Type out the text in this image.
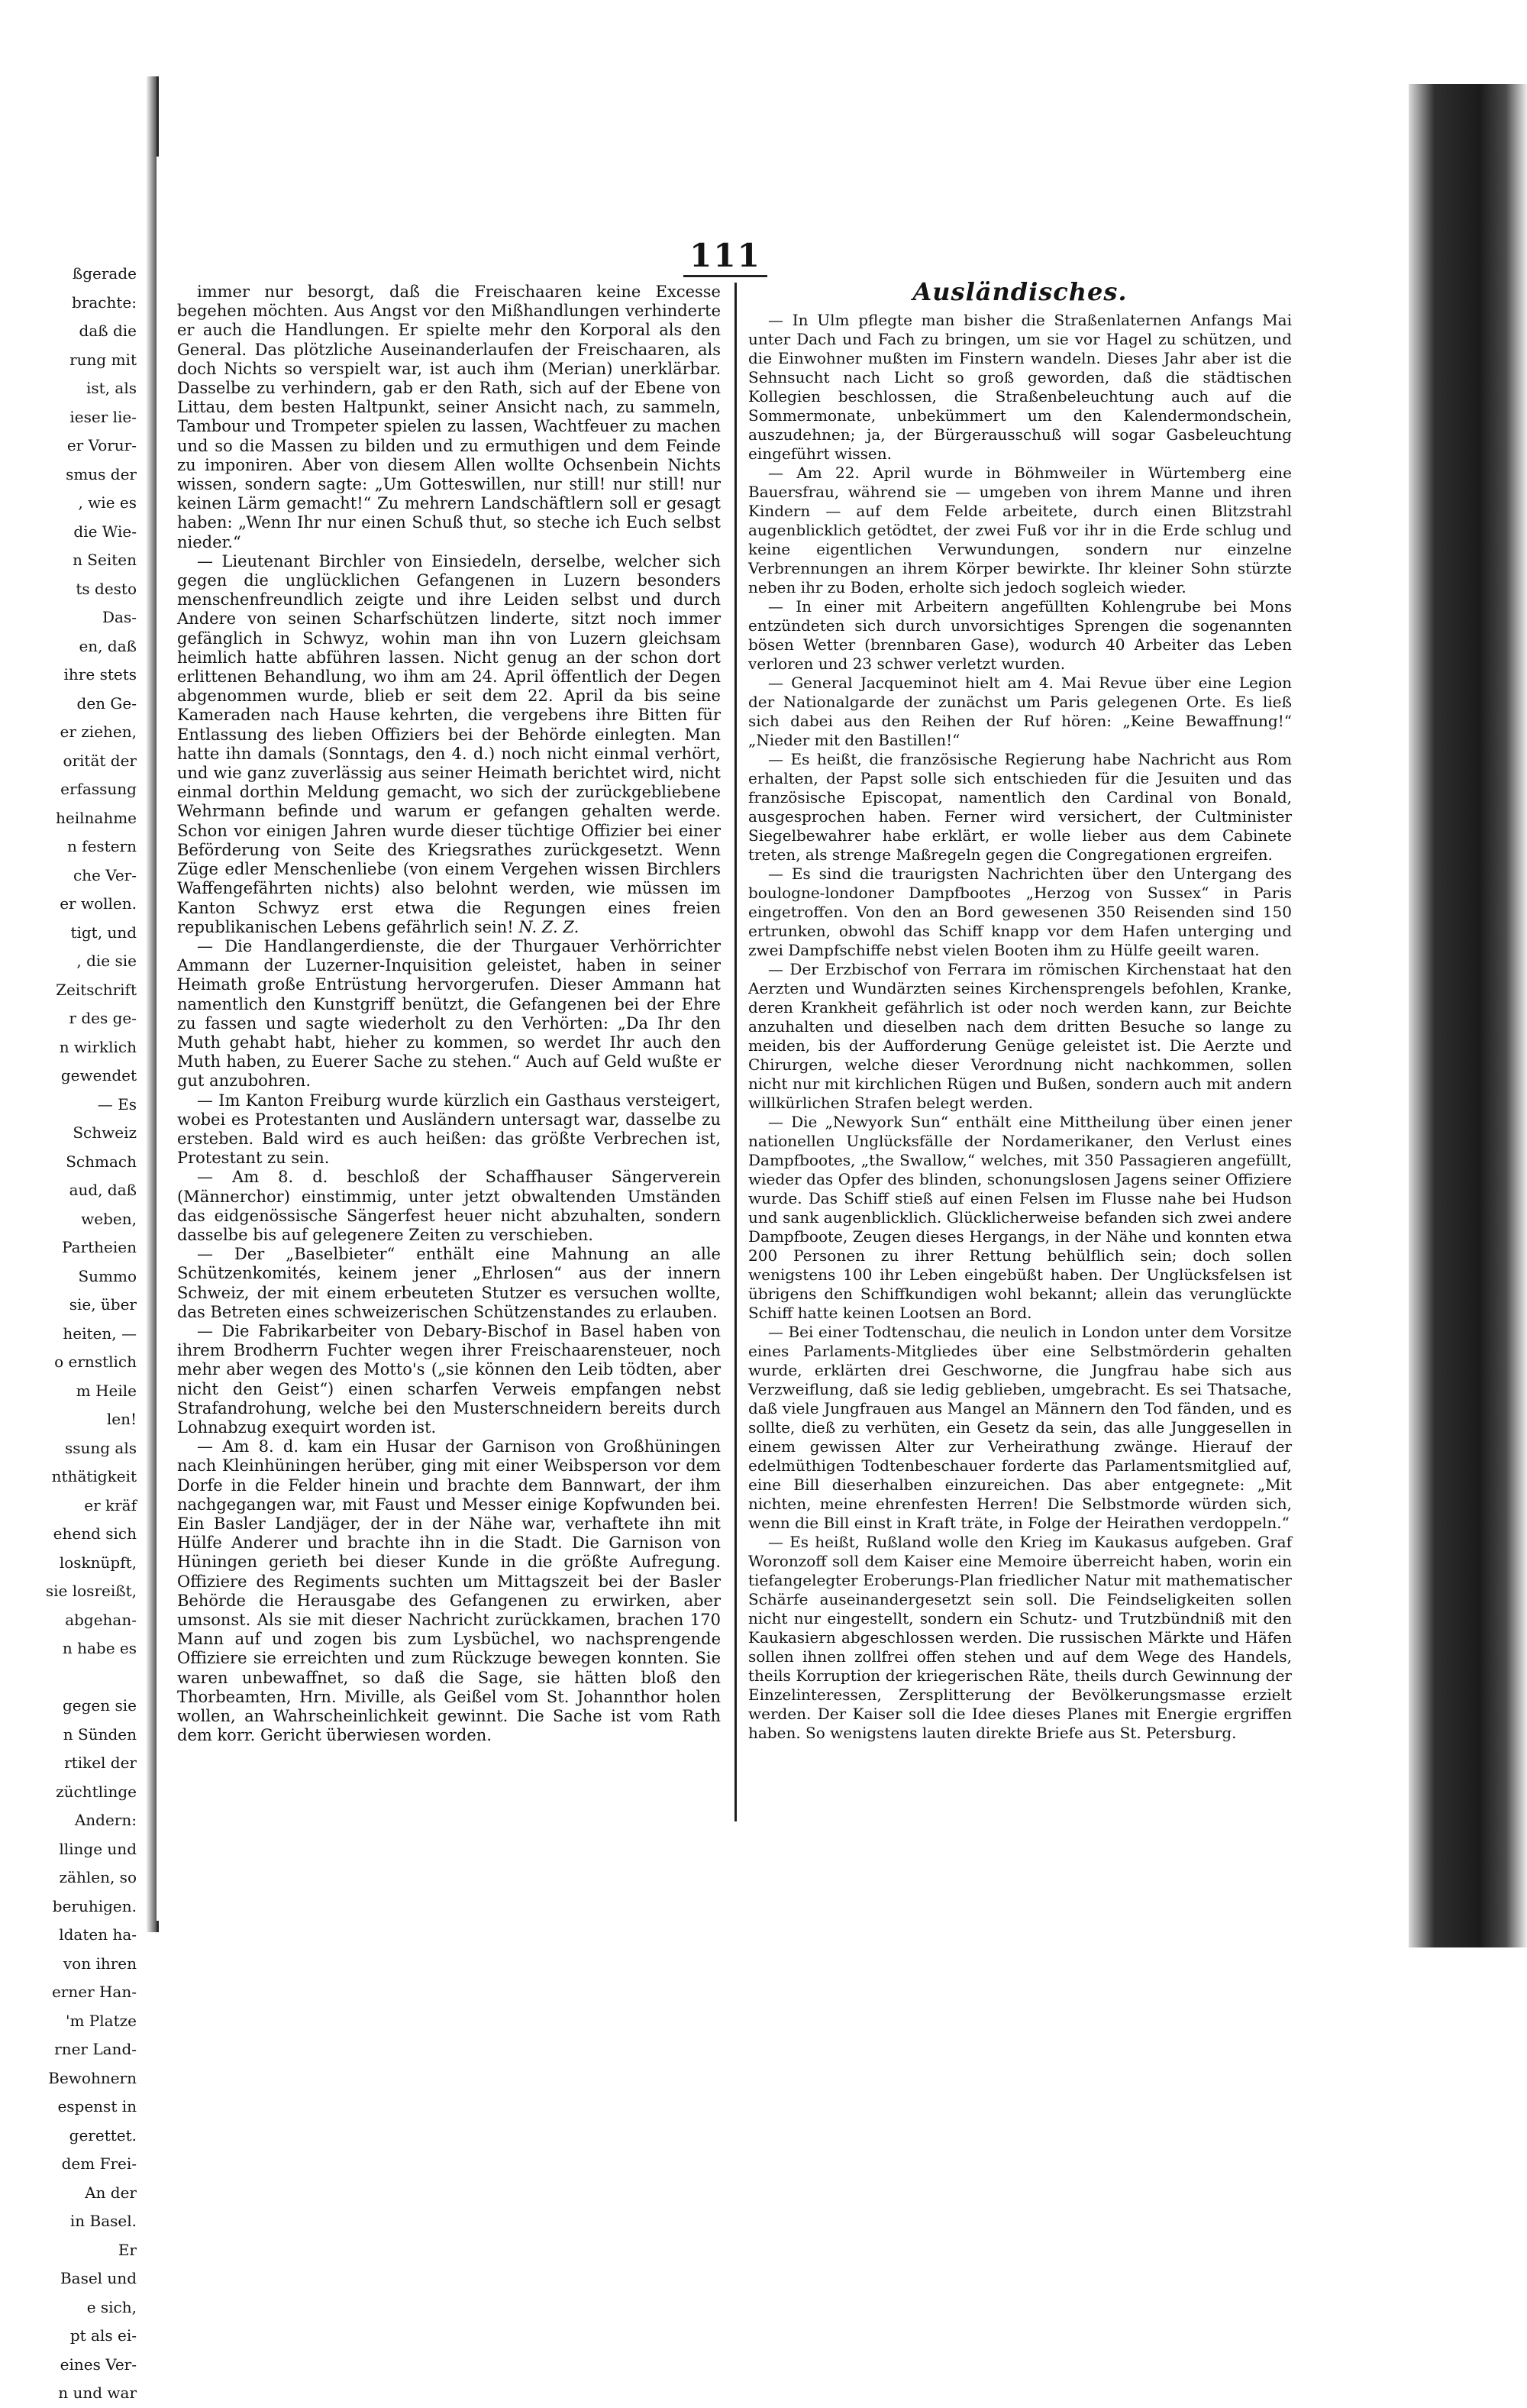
ßgerade

brachte:

daß die

rung mit

ist, als

ieser lie-

er Vorur-

smus der

, wie es

die Wie-

n Seiten

ts desto

Das-

en, daß

ihre stets

den Ge-

er ziehen,

orität der

erfassung

heilnahme

n festern

che Ver-

er wollen.

tigt, und

, die sie

Zeitschrift

r des ge-

n wirklich

gewendet

— Es

Schweiz

Schmach

aud, daß

weben,

Partheien

Summo

sie, über

heiten, —

o ernstlich

m Heile

len!

ssung als

nthätigkeit

er kräf

ehend sich

losknüpft,

sie losreißt,

abgehan-

n habe es

gegen sie

n Sünden

rtikel der

züchtlinge

Andern:

llinge und

zählen, so

beruhigen.

ldaten ha-

von ihren

erner Han-

'm Platze

rner Land-

Bewohnern

espenst in

gerettet.

dem Frei-

An der

in Basel.

Er

Basel und

e sich,

pt als ei-

eines Ver-

n und war

111

immer nur besorgt, daß die Freischaaren keine Excesse begehen möchten. Aus Angst vor den Mißhandlungen verhinderte er auch die Handlungen. Er spielte mehr den Korporal als den General. Das plötzliche Auseinanderlaufen der Freischaaren, als doch Nichts so verspielt war, ist auch ihm (Merian) unerklärbar. Dasselbe zu verhindern, gab er den Rath, sich auf der Ebene von Littau, dem besten Haltpunkt, seiner Ansicht nach, zu sammeln, Tambour und Trompeter spielen zu lassen, Wachtfeuer zu machen und so die Massen zu bilden und zu ermuthigen und dem Feinde zu imponiren. Aber von diesem Allen wollte Ochsenbein Nichts wissen, sondern sagte: „Um Gotteswillen, nur still! nur still! nur keinen Lärm gemacht!“ Zu mehrern Landschäftlern soll er gesagt haben: „Wenn Ihr nur einen Schuß thut, so steche ich Euch selbst nieder.“

— Lieutenant Birchler von Einsiedeln, derselbe, welcher sich gegen die unglücklichen Gefangenen in Luzern besonders menschenfreundlich zeigte und ihre Leiden selbst und durch Andere von seinen Scharfschützen linderte, sitzt noch immer gefänglich in Schwyz, wohin man ihn von Luzern gleichsam heimlich hatte abführen lassen. Nicht genug an der schon dort erlittenen Behandlung, wo ihm am 24. April öffentlich der Degen abgenommen wurde, blieb er seit dem 22. April da bis seine Kameraden nach Hause kehrten, die vergebens ihre Bitten für Entlassung des lieben Offiziers bei der Behörde einlegten. Man hatte ihn damals (Sonntags, den 4. d.) noch nicht einmal verhört, und wie ganz zuverlässig aus seiner Heimath berichtet wird, nicht einmal dorthin Meldung gemacht, wo sich der zurückgebliebene Wehrmann befinde und warum er gefangen gehalten werde. Schon vor einigen Jahren wurde dieser tüchtige Offizier bei einer Beförderung von Seite des Kriegsrathes zurückgesetzt. Wenn Züge edler Menschenliebe (von einem Vergehen wissen Birchlers Waffengefährten nichts) also belohnt werden, wie müssen im Kanton Schwyz erst etwa die Regungen eines freien republikanischen Lebens gefährlich sein! N. Z. Z.

— Die Handlangerdienste, die der Thurgauer Verhörrichter Ammann der Luzerner-Inquisition geleistet, haben in seiner Heimath große Entrüstung hervorgerufen. Dieser Ammann hat namentlich den Kunstgriff benützt, die Gefangenen bei der Ehre zu fassen und sagte wiederholt zu den Verhörten: „Da Ihr den Muth gehabt habt, hieher zu kommen, so werdet Ihr auch den Muth haben, zu Euerer Sache zu stehen.“ Auch auf Geld wußte er gut anzubohren.

— Im Kanton Freiburg wurde kürzlich ein Gasthaus versteigert, wobei es Protestanten und Ausländern untersagt war, dasselbe zu ersteben. Bald wird es auch heißen: das größte Verbrechen ist, Protestant zu sein.

— Am 8. d. beschloß der Schaffhauser Sängerverein (Männerchor) einstimmig, unter jetzt obwaltenden Umständen das eidgenössische Sängerfest heuer nicht abzuhalten, sondern dasselbe bis auf gelegenere Zeiten zu verschieben.

— Der „Baselbieter“ enthält eine Mahnung an alle Schützenkomités, keinem jener „Ehrlosen“ aus der innern Schweiz, der mit einem erbeuteten Stutzer es versuchen wollte, das Betreten eines schweizerischen Schützenstandes zu erlauben.

— Die Fabrikarbeiter von Debary-Bischof in Basel haben von ihrem Brodherrn Fuchter wegen ihrer Freischaarensteuer, noch mehr aber wegen des Motto's („sie können den Leib tödten, aber nicht den Geist“) einen scharfen Verweis empfangen nebst Strafandrohung, welche bei den Musterschneidern bereits durch Lohnabzug exequirt worden ist.

— Am 8. d. kam ein Husar der Garnison von Großhüningen nach Kleinhüningen herüber, ging mit einer Weibsperson vor dem Dorfe in die Felder hinein und brachte dem Bannwart, der ihm nachgegangen war, mit Faust und Messer einige Kopfwunden bei. Ein Basler Landjäger, der in der Nähe war, verhaftete ihn mit Hülfe Anderer und brachte ihn in die Stadt. Die Garnison von Hüningen gerieth bei dieser Kunde in die größte Aufregung. Offiziere des Regiments suchten um Mittagszeit bei der Basler Behörde die Herausgabe des Gefangenen zu erwirken, aber umsonst. Als sie mit dieser Nachricht zurückkamen, brachen 170 Mann auf und zogen bis zum Lysbüchel, wo nachsprengende Offiziere sie erreichten und zum Rückzuge bewegen konnten. Sie waren unbewaffnet, so daß die Sage, sie hätten bloß den Thorbeamten, Hrn. Miville, als Geißel vom St. Johannthor holen wollen, an Wahrscheinlichkeit gewinnt. Die Sache ist vom Rath dem korr. Gericht überwiesen worden.

Ausländisches.

— In Ulm pflegte man bisher die Straßenlaternen Anfangs Mai unter Dach und Fach zu bringen, um sie vor Hagel zu schützen, und die Einwohner mußten im Finstern wandeln. Dieses Jahr aber ist die Sehnsucht nach Licht so groß geworden, daß die städtischen Kollegien beschlossen, die Straßenbeleuchtung auch auf die Sommermonate, unbekümmert um den Kalendermondschein, auszudehnen; ja, der Bürgerausschuß will sogar Gasbeleuchtung eingeführt wissen.

— Am 22. April wurde in Böhmweiler in Würtemberg eine Bauersfrau, während sie — umgeben von ihrem Manne und ihren Kindern — auf dem Felde arbeitete, durch einen Blitzstrahl augenblicklich getödtet, der zwei Fuß vor ihr in die Erde schlug und keine eigentlichen Verwundungen, sondern nur einzelne Verbrennungen an ihrem Körper bewirkte. Ihr kleiner Sohn stürzte neben ihr zu Boden, erholte sich jedoch sogleich wieder.

— In einer mit Arbeitern angefüllten Kohlengrube bei Mons entzündeten sich durch unvorsichtiges Sprengen die sogenannten bösen Wetter (brennbaren Gase), wodurch 40 Arbeiter das Leben verloren und 23 schwer verletzt wurden.

— General Jacqueminot hielt am 4. Mai Revue über eine Legion der Nationalgarde der zunächst um Paris gelegenen Orte. Es ließ sich dabei aus den Reihen der Ruf hören: „Keine Bewaffnung!“ „Nieder mit den Bastillen!“

— Es heißt, die französische Regierung habe Nachricht aus Rom erhalten, der Papst solle sich entschieden für die Jesuiten und das französische Episcopat, namentlich den Cardinal von Bonald, ausgesprochen haben. Ferner wird versichert, der Cultminister Siegelbewahrer habe erklärt, er wolle lieber aus dem Cabinete treten, als strenge Maßregeln gegen die Congregationen ergreifen.

— Es sind die traurigsten Nachrichten über den Untergang des boulogne-londoner Dampfbootes „Herzog von Sussex“ in Paris eingetroffen. Von den an Bord gewesenen 350 Reisenden sind 150 ertrunken, obwohl das Schiff knapp vor dem Hafen unterging und zwei Dampfschiffe nebst vielen Booten ihm zu Hülfe geeilt waren.

— Der Erzbischof von Ferrara im römischen Kirchenstaat hat den Aerzten und Wundärzten seines Kirchensprengels befohlen, Kranke, deren Krankheit gefährlich ist oder noch werden kann, zur Beichte anzuhalten und dieselben nach dem dritten Besuche so lange zu meiden, bis der Aufforderung Genüge geleistet ist. Die Aerzte und Chirurgen, welche dieser Verordnung nicht nachkommen, sollen nicht nur mit kirchlichen Rügen und Bußen, sondern auch mit andern willkürlichen Strafen belegt werden.

— Die „Newyork Sun“ enthält eine Mittheilung über einen jener nationellen Unglücksfälle der Nordamerikaner, den Verlust eines Dampfbootes, „the Swallow,“ welches, mit 350 Passagieren angefüllt, wieder das Opfer des blinden, schonungslosen Jagens seiner Offiziere wurde. Das Schiff stieß auf einen Felsen im Flusse nahe bei Hudson und sank augenblicklich. Glücklicherweise befanden sich zwei andere Dampfboote, Zeugen dieses Hergangs, in der Nähe und konnten etwa 200 Personen zu ihrer Rettung behülflich sein; doch sollen wenigstens 100 ihr Leben eingebüßt haben. Der Unglücksfelsen ist übrigens den Schiffkundigen wohl bekannt; allein das verunglückte Schiff hatte keinen Lootsen an Bord.

— Bei einer Todtenschau, die neulich in London unter dem Vorsitze eines Parlaments-Mitgliedes über eine Selbstmörderin gehalten wurde, erklärten drei Geschworne, die Jungfrau habe sich aus Verzweiflung, daß sie ledig geblieben, umgebracht. Es sei Thatsache, daß viele Jungfrauen aus Mangel an Männern den Tod fänden, und es sollte, dieß zu verhüten, ein Gesetz da sein, das alle Junggesellen in einem gewissen Alter zur Verheirathung zwänge. Hierauf der edelmüthigen Todtenbeschauer forderte das Parlamentsmitglied auf, eine Bill dieserhalben einzureichen. Das aber entgegnete: „Mit nichten, meine ehrenfesten Herren! Die Selbstmorde würden sich, wenn die Bill einst in Kraft träte, in Folge der Heirathen verdoppeln.“

— Es heißt, Rußland wolle den Krieg im Kaukasus aufgeben. Graf Woronzoff soll dem Kaiser eine Memoire überreicht haben, worin ein tiefangelegter Eroberungs-Plan friedlicher Natur mit mathematischer Schärfe auseinandergesetzt sein soll. Die Feindseligkeiten sollen nicht nur eingestellt, sondern ein Schutz- und Trutzbündniß mit den Kaukasiern abgeschlossen werden. Die russischen Märkte und Häfen sollen ihnen zollfrei offen stehen und auf dem Wege des Handels, theils Korruption der kriegerischen Räte, theils durch Gewinnung der Einzelinteressen, Zersplitterung der Bevölkerungsmasse erzielt werden. Der Kaiser soll die Idee dieses Planes mit Energie ergriffen haben. So wenigstens lauten direkte Briefe aus St. Petersburg.
